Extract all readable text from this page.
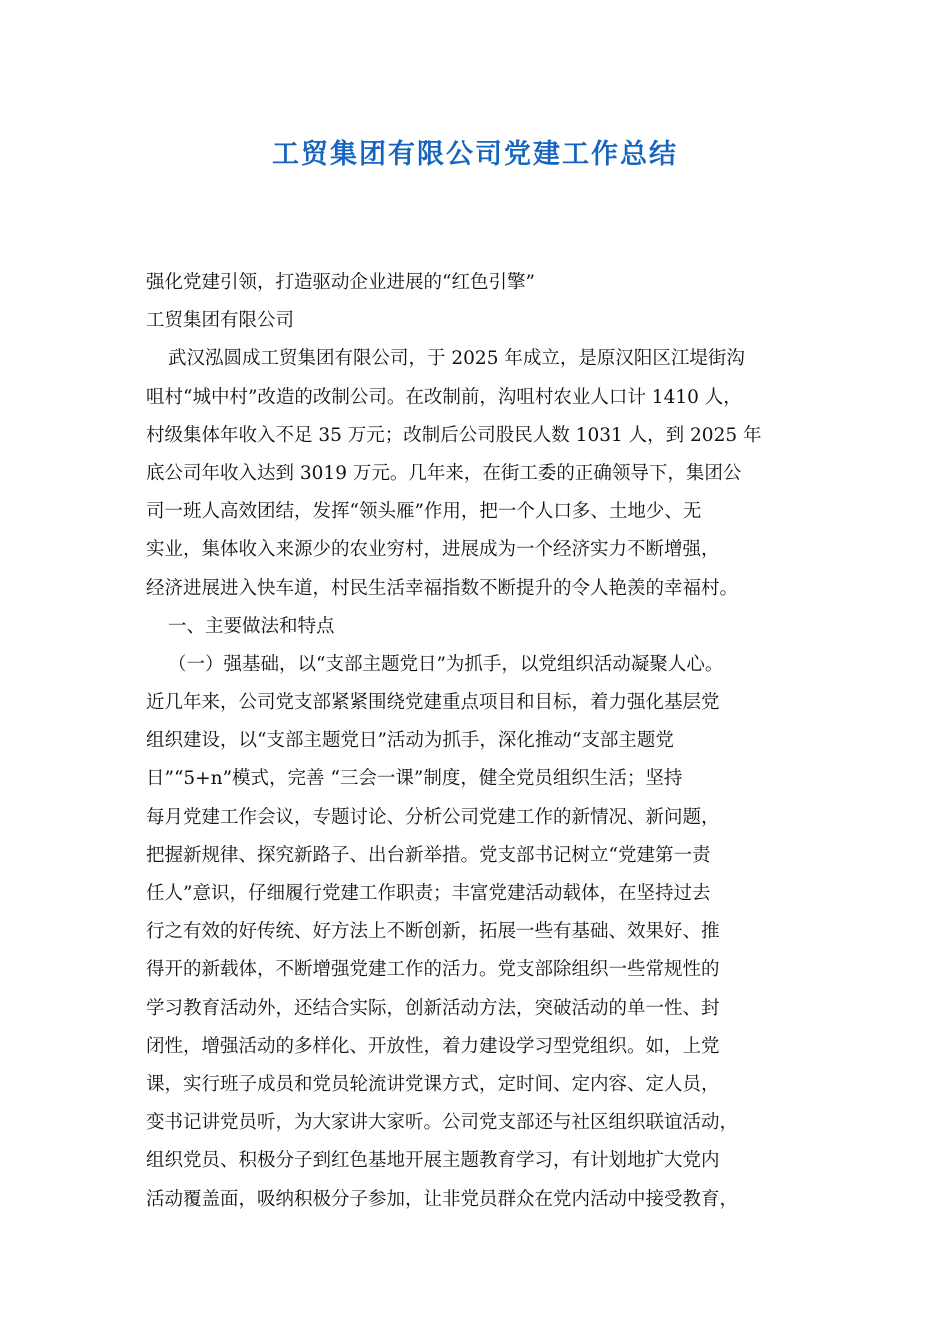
工贸集团有限公司党建工作总结
强化党建引领，打造驱动企业进展的“红色引擎”
工贸集团有限公司
武汉泓圆成工贸集团有限公司，于 2025 年成立，是原汉阳区江堤街沟
咀村“城中村”改造的改制公司。在改制前，沟咀村农业人口计 1410 人，
村级集体年收入不足 35 万元；改制后公司股民人数 1031 人，到 2025 年
底公司年收入达到 3019 万元。几年来，在街工委的正确领导下，集团公
司一班人高效团结，发挥“领头雁”作用，把一个人口多、土地少、无
实业，集体收入来源少的农业穷村，进展成为一个经济实力不断增强，
经济进展进入快车道，村民生活幸福指数不断提升的令人艳羡的幸福村。
一、主要做法和特点
（一）强基础，以“支部主题党日”为抓手，以党组织活动凝聚人心。
近几年来，公司党支部紧紧围绕党建重点项目和目标，着力强化基层党
组织建设，以“支部主题党日”活动为抓手，深化推动“支部主题党
日”“5+n”模式，完善 “三会一课”制度，健全党员组织生活；坚持
每月党建工作会议，专题讨论、分析公司党建工作的新情况、新问题，
把握新规律、探究新路子、出台新举措。党支部书记树立“党建第一责
任人”意识，仔细履行党建工作职责；丰富党建活动载体，在坚持过去
行之有效的好传统、好方法上不断创新，拓展一些有基础、效果好、推
得开的新载体，不断增强党建工作的活力。党支部除组织一些常规性的
学习教育活动外，还结合实际，创新活动方法，突破活动的单一性、封
闭性，增强活动的多样化、开放性，着力建设学习型党组织。如，上党
课，实行班子成员和党员轮流讲党课方式，定时间、定内容、定人员，
变书记讲党员听，为大家讲大家听。公司党支部还与社区组织联谊活动，
组织党员、积极分子到红色基地开展主题教育学习，有计划地扩大党内
活动覆盖面，吸纳积极分子参加，让非党员群众在党内活动中接受教育，
